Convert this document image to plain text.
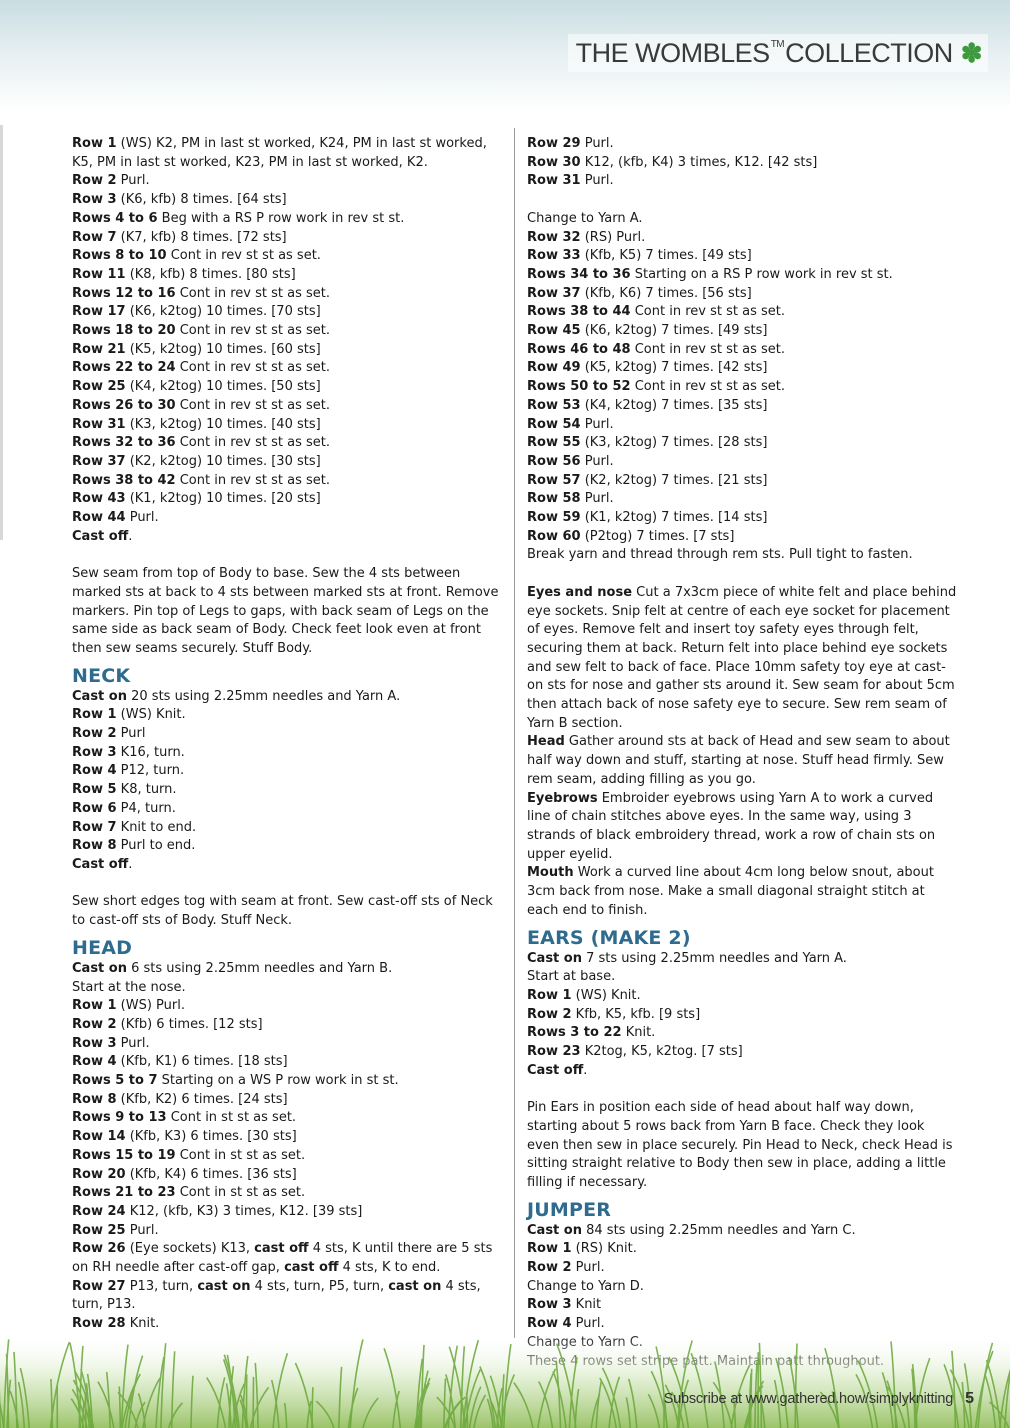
THE WOMBLES TM COLLECTION ✽

Row 1 (WS) K2, PM in last st worked, K24, PM in last st worked, K5, PM in last st worked, K23, PM in last st worked, K2.

Row 2 Purl.

Row 3 (K6, kfb) 8 times. [64 sts]

Rows 4 to 6 Beg with a RS P row work in rev st st.

Row 7 (K7, kfb) 8 times. [72 sts]

Rows 8 to 10 Cont in rev st st as set.

Row 11 (K8, kfb) 8 times. [80 sts]

Rows 12 to 16 Cont in rev st st as set.

Row 17 (K6, k2tog) 10 times. [70 sts]

Rows 18 to 20 Cont in rev st st as set.

Row 21 (K5, k2tog) 10 times. [60 sts]

Rows 22 to 24 Cont in rev st st as set.

Row 25 (K4, k2tog) 10 times. [50 sts]

Rows 26 to 30 Cont in rev st st as set.

Row 31 (K3, k2tog) 10 times. [40 sts]

Rows 32 to 36 Cont in rev st st as set.

Row 37 (K2, k2tog) 10 times. [30 sts]

Rows 38 to 42 Cont in rev st st as set.

Row 43 (K1, k2tog) 10 times. [20 sts]

Row 44 Purl.

Cast off.

Sew seam from top of Body to base. Sew the 4 sts between marked sts at back to 4 sts between marked sts at front. Remove markers. Pin top of Legs to gaps, with back seam of Legs on the same side as back seam of Body. Check feet look even at front then sew seams securely. Stuff Body.

NECK

Cast on 20 sts using 2.25mm needles and Yarn A.

Row 1 (WS) Knit.

Row 2 Purl

Row 3 K16, turn.

Row 4 P12, turn.

Row 5 K8, turn.

Row 6 P4, turn.

Row 7 Knit to end.

Row 8 Purl to end.

Cast off.

Sew short edges tog with seam at front. Sew cast-off sts of Neck to cast-off sts of Body. Stuff Neck.

HEAD

Cast on 6 sts using 2.25mm needles and Yarn B.

Start at the nose.

Row 1 (WS) Purl.

Row 2 (Kfb) 6 times. [12 sts]

Row 3 Purl.

Row 4 (Kfb, K1) 6 times. [18 sts]

Rows 5 to 7 Starting on a WS P row work in st st.

Row 8 (Kfb, K2) 6 times. [24 sts]

Rows 9 to 13 Cont in st st as set.

Row 14 (Kfb, K3) 6 times. [30 sts]

Rows 15 to 19 Cont in st st as set.

Row 20 (Kfb, K4) 6 times. [36 sts]

Rows 21 to 23 Cont in st st as set.

Row 24 K12, (kfb, K3) 3 times, K12. [39 sts]

Row 25 Purl.

Row 26 (Eye sockets) K13, cast off 4 sts, K until there are 5 sts on RH needle after cast-off gap, cast off 4 sts, K to end.

Row 27 P13, turn, cast on 4 sts, turn, P5, turn, cast on 4 sts, turn, P13.

Row 28 Knit.

Row 29 Purl.

Row 30 K12, (kfb, K4) 3 times, K12. [42 sts]

Row 31 Purl.

Change to Yarn A.

Row 32 (RS) Purl.

Row 33 (Kfb, K5) 7 times. [49 sts]

Rows 34 to 36 Starting on a RS P row work in rev st st.

Row 37 (Kfb, K6) 7 times. [56 sts]

Rows 38 to 44 Cont in rev st st as set.

Row 45 (K6, k2tog) 7 times. [49 sts]

Rows 46 to 48 Cont in rev st st as set.

Row 49 (K5, k2tog) 7 times. [42 sts]

Rows 50 to 52 Cont in rev st st as set.

Row 53 (K4, k2tog) 7 times. [35 sts]

Row 54 Purl.

Row 55 (K3, k2tog) 7 times. [28 sts]

Row 56 Purl.

Row 57 (K2, k2tog) 7 times. [21 sts]

Row 58 Purl.

Row 59 (K1, k2tog) 7 times. [14 sts]

Row 60 (P2tog) 7 times. [7 sts]

Break yarn and thread through rem sts. Pull tight to fasten.

Eyes and nose Cut a 7x3cm piece of white felt and place behind eye sockets. Snip felt at centre of each eye socket for placement of eyes. Remove felt and insert toy safety eyes through felt, securing them at back. Return felt into place behind eye sockets and sew felt to back of face. Place 10mm safety toy eye at cast-on sts for nose and gather sts around it. Sew seam for about 5cm then attach back of nose safety eye to secure. Sew rem seam of Yarn B section.

Head Gather around sts at back of Head and sew seam to about half way down and stuff, starting at nose. Stuff head firmly. Sew rem seam, adding filling as you go.

Eyebrows Embroider eyebrows using Yarn A to work a curved line of chain stitches above eyes. In the same way, using 3 strands of black embroidery thread, work a row of chain sts on upper eyelid.

Mouth Work a curved line about 4cm long below snout, about 3cm back from nose. Make a small diagonal straight stitch at each end to finish.

EARS (MAKE 2)

Cast on 7 sts using 2.25mm needles and Yarn A.

Start at base.

Row 1 (WS) Knit.

Row 2 Kfb, K5, kfb. [9 sts]

Rows 3 to 22 Knit.

Row 23 K2tog, K5, k2tog. [7 sts]

Cast off.

Pin Ears in position each side of head about half way down, starting about 5 rows back from Yarn B face. Check they look even then sew in place securely. Pin Head to Neck, check Head is sitting straight relative to Body then sew in place, adding a little filling if necessary.

JUMPER

Cast on 84 sts using 2.25mm needles and Yarn C.

Row 1 (RS) Knit.

Row 2 Purl.

Change to Yarn D.

Row 3 Knit

Row 4 Purl.

Subscribe at www.gathered.how/simplyknitting 5
